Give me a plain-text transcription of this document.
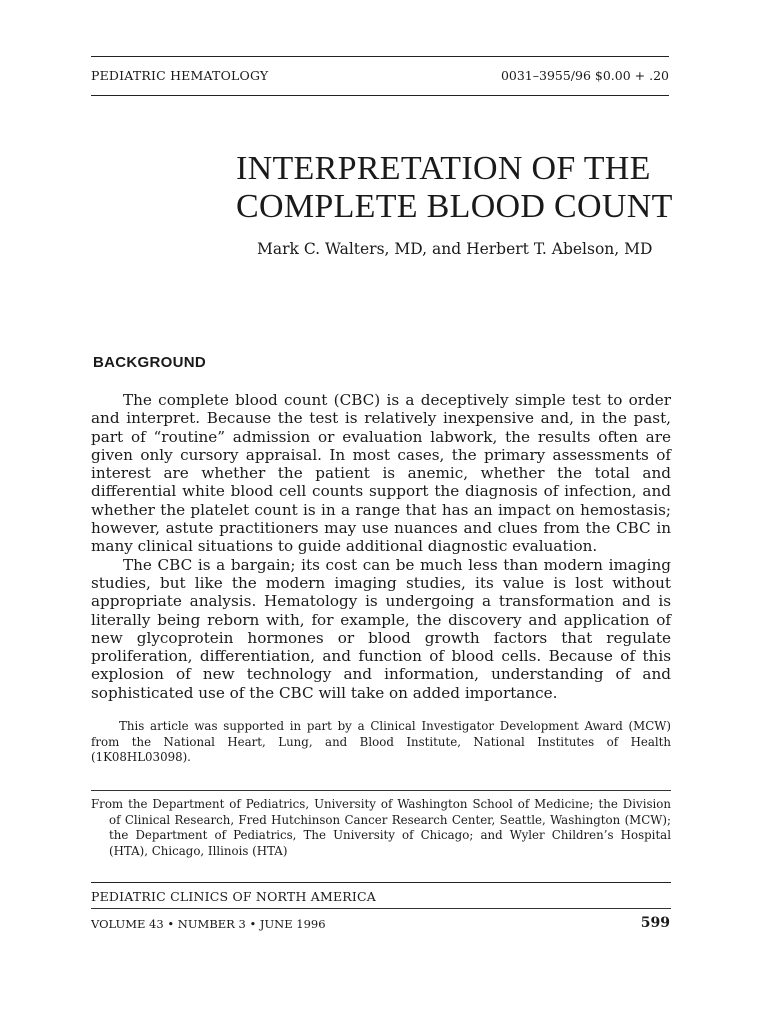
PEDIATRIC HEMATOLOGY	0031–3955/96 $0.00 + .20
INTERPRETATION OF THE
COMPLETE BLOOD COUNT
Mark C. Walters, MD, and Herbert T. Abelson, MD
BACKGROUND

The complete blood count (CBC) is a deceptively simple test to order and interpret. Because the test is relatively inexpensive and, in the past, part of “routine” admission or evaluation labwork, the results often are given only cursory appraisal. In most cases, the primary assessments of interest are whether the patient is anemic, whether the total and differential white blood cell counts support the diagnosis of infection, and whether the platelet count is in a range that has an impact on hemostasis; however, astute practitioners may use nuances and clues from the CBC in many clinical situations to guide additional diagnostic evaluation.

The CBC is a bargain; its cost can be much less than modern imaging studies, but like the modern imaging studies, its value is lost without appropriate analysis. Hematology is undergoing a transformation and is literally being reborn with, for example, the discovery and application of new glycoprotein hormones or blood growth factors that regulate proliferation, differentiation, and function of blood cells. Because of this explosion of new technology and information, understanding of and sophisticated use of the CBC will take on added importance.

This article was supported in part by a Clinical Investigator Development Award (MCW) from the National Heart, Lung, and Blood Institute, National Institutes of Health (1K08HL03098).

From the Department of Pediatrics, University of Washington School of Medicine; the Division of Clinical Research, Fred Hutchinson Cancer Research Center, Seattle, Washington (MCW); the Department of Pediatrics, The University of Chicago; and Wyler Children’s Hospital (HTA), Chicago, Illinois (HTA)

PEDIATRIC CLINICS OF NORTH AMERICA
VOLUME 43 • NUMBER 3 • JUNE 1996	599
